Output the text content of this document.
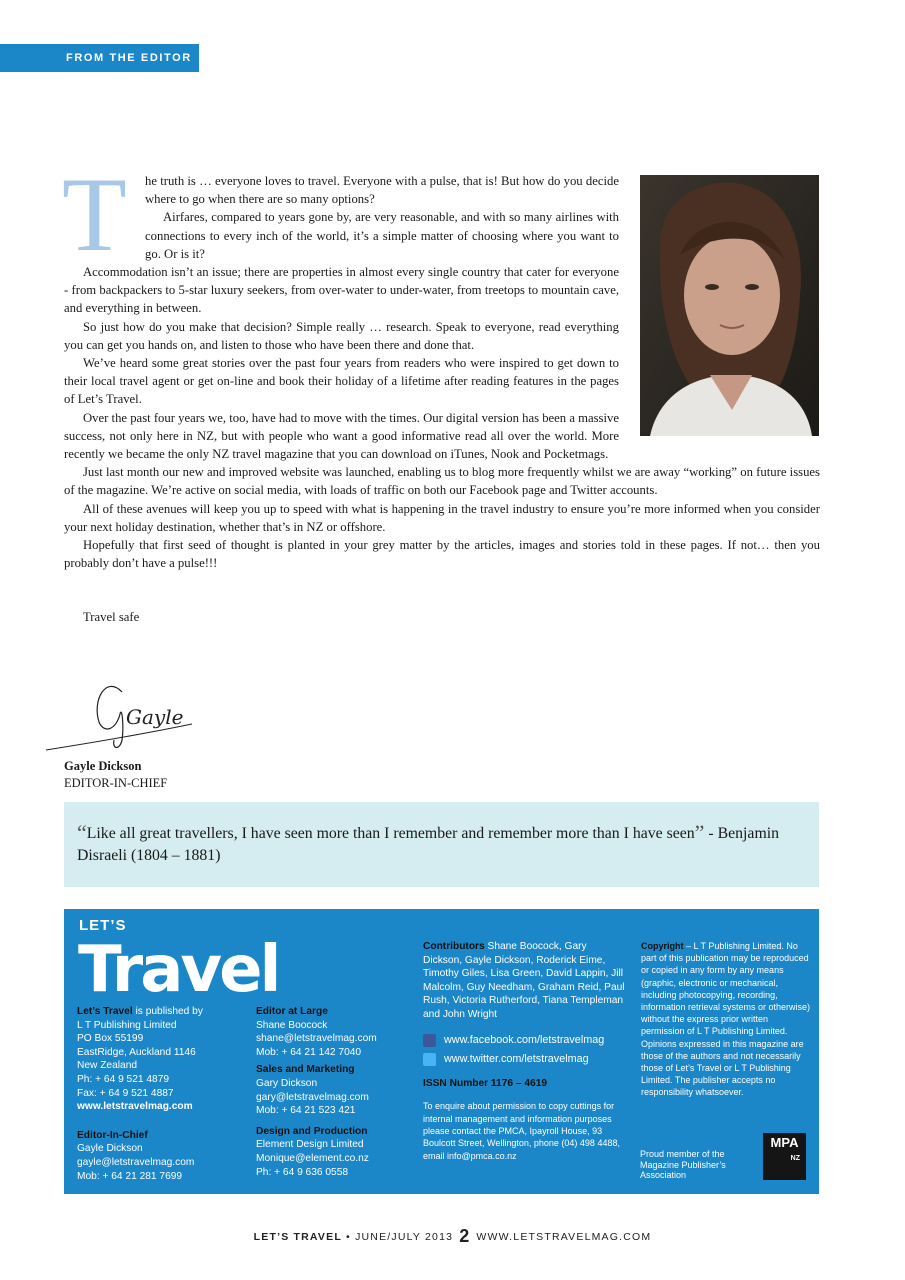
FROM THE EDITOR
T he truth is … everyone loves to travel. Everyone with a pulse, that is! But how do you decide where to go when there are so many options?

Airfares, compared to years gone by, are very reasonable, and with so many airlines with connections to every inch of the world, it’s a simple matter of choosing where you want to go. Or is it?

Accommodation isn’t an issue; there are properties in almost every single country that cater for everyone - from backpackers to 5-star luxury seekers, from over-water to under-water, from treetops to mountain cave, and everything in between.

So just how do you make that decision? Simple really … research. Speak to everyone, read everything you can get you hands on, and listen to those who have been there and done that.

We’ve heard some great stories over the past four years from readers who were inspired to get down to their local travel agent or get on-line and book their holiday of a lifetime after reading features in the pages of Let’s Travel.

Over the past four years we, too, have had to move with the times. Our digital version has been a massive success, not only here in NZ, but with people who want a good informative read all over the world. More recently we became the only NZ travel magazine that you can download on iTunes, Nook and Pocketmags.

Just last month our new and improved website was launched, enabling us to blog more frequently whilst we are away “working” on future issues of the magazine. We’re active on social media, with loads of traffic on both our Facebook page and Twitter accounts.

All of these avenues will keep you up to speed with what is happening in the travel industry to ensure you’re more informed when you consider your next holiday destination, whether that’s in NZ or offshore.

Hopefully that first seed of thought is planted in your grey matter by the articles, images and stories told in these pages. If not… then you probably don’t have a pulse!!!

Travel safe
Gayle
Gayle Dickson
EDITOR-IN-CHIEF
“Like all great travellers, I have seen more than I remember and remember more than I have seen” - Benjamin Disraeli (1804 – 1881)
LET’S
Travel
Let’s Travel is published by
L T Publishing Limited
PO Box 55199
EastRidge, Auckland 1146
New Zealand
Ph: + 64 9 521 4879
Fax: + 64 9 521 4887
www.letstravelmag.com
Editor-In-Chief
Gayle Dickson
gayle@letstravelmag.com
Mob: + 64 21 281 7699
Editor at Large
Shane Boocock
shane@letstravelmag.com
Mob: + 64 21 142 7040
Sales and Marketing
Gary Dickson
gary@letstravelmag.com
Mob: + 64 21 523 421
Design and Production
Element Design Limited
Monique@element.co.nz
Ph: + 64 9 636 0558
Contributors Shane Boocock, Gary Dickson, Gayle Dickson, Roderick Eime, Timothy Giles, Lisa Green, David Lappin, Jill Malcolm, Guy Needham, Graham Reid, Paul Rush, Victoria Rutherford, Tiana Templeman and John Wright
www.facebook.com/letstravelmag
www.twitter.com/letstravelmag
ISSN Number 1176 – 4619
To enquire about permission to copy cuttings for internal management and information purposes please contact the PMCA, Ipayroll House, 93 Boulcott Street, Wellington, phone (04) 498 4488, email info@pmca.co.nz
Copyright – L T Publishing Limited. No part of this publication may be reproduced or copied in any form by any means (graphic, electronic or mechanical, including photocopying, recording, information retrieval systems or otherwise) without the express prior written permission of L T Publishing Limited. Opinions expressed in this magazine are those of the authors and not necessarily those of Let’s Travel or L T Publishing Limited. The publisher accepts no responsibility whatsoever.
Proud member of the Magazine Publisher’s Association
MPA
NZ
LET’S TRAVEL • JUNE/JULY 2013 2 WWW.LETSTRAVELMAG.COM
